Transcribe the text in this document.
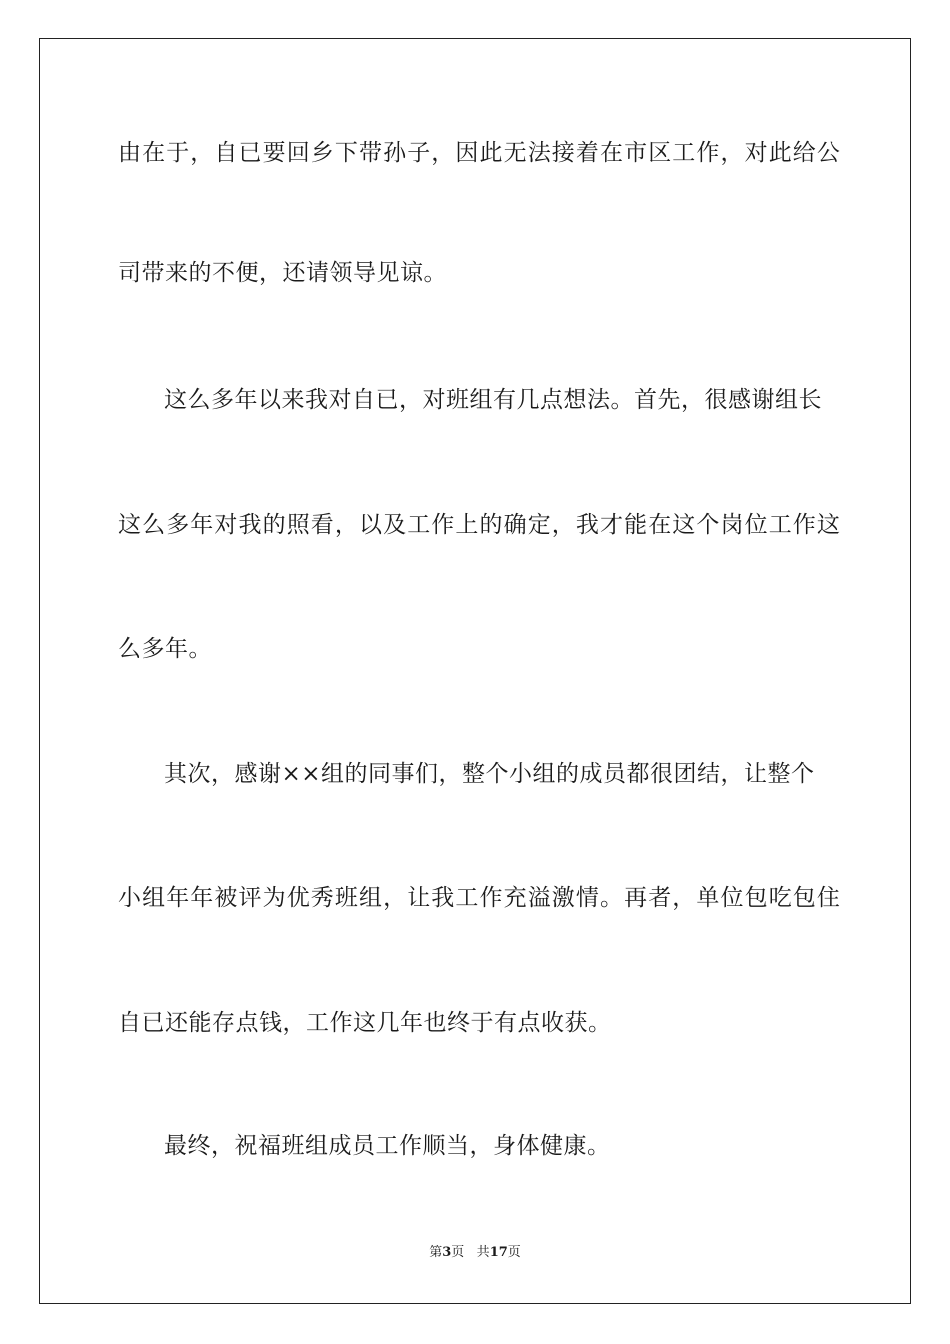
由在于，自已要回乡下带孙子，因此无法接着在市区工作，对此给公
司带来的不便，还请领导见谅。
这么多年以来我对自已，对班组有几点想法。首先，很感谢组长
这么多年对我的照看，以及工作上的确定，我才能在这个岗位工作这
么多年。
其次，感谢××组的同事们，整个小组的成员都很团结，让整个
小组年年被评为优秀班组，让我工作充溢激情。再者，单位包吃包住
自已还能存点钱，工作这几年也终于有点收获。
最终，祝福班组成员工作顺当，身体健康。
第3页 共17页
